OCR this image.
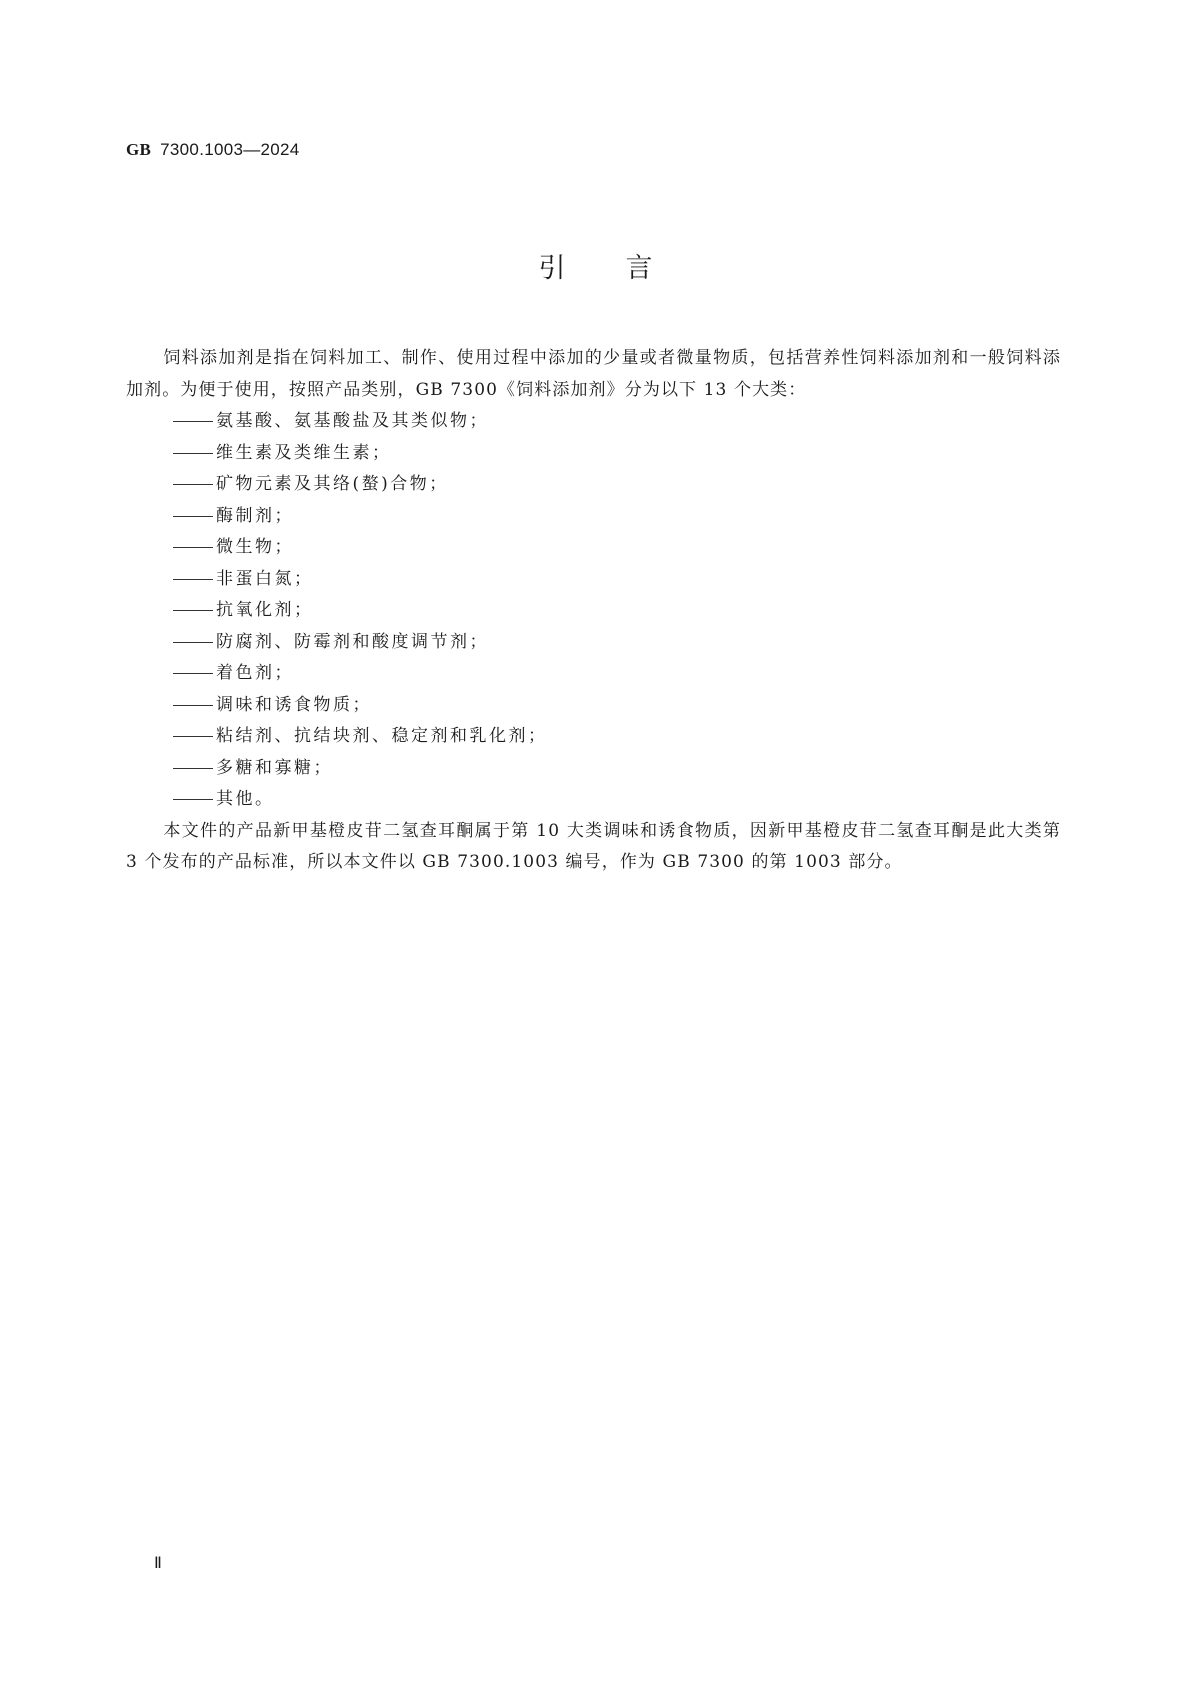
GB 7300.1003—2024
引言

饲料添加剂是指在饲料加工、制作、使用过程中添加的少量或者微量物质，包括营养性饲料添加剂和一般饲料添加剂。为便于使用，按照产品类别，GB 7300《饲料添加剂》分为以下 13 个大类：

氨基酸、氨基酸盐及其类似物；
维生素及类维生素；
矿物元素及其络(螯)合物；
酶制剂；
微生物；
非蛋白氮；
抗氧化剂；
防腐剂、防霉剂和酸度调节剂；
着色剂；
调味和诱食物质；
粘结剂、抗结块剂、稳定剂和乳化剂；
多糖和寡糖；
其他。

本文件的产品新甲基橙皮苷二氢查耳酮属于第 10 大类调味和诱食物质，因新甲基橙皮苷二氢查耳酮是此大类第 3 个发布的产品标准，所以本文件以 GB 7300.1003 编号，作为 GB 7300 的第 1003 部分。

Ⅱ
